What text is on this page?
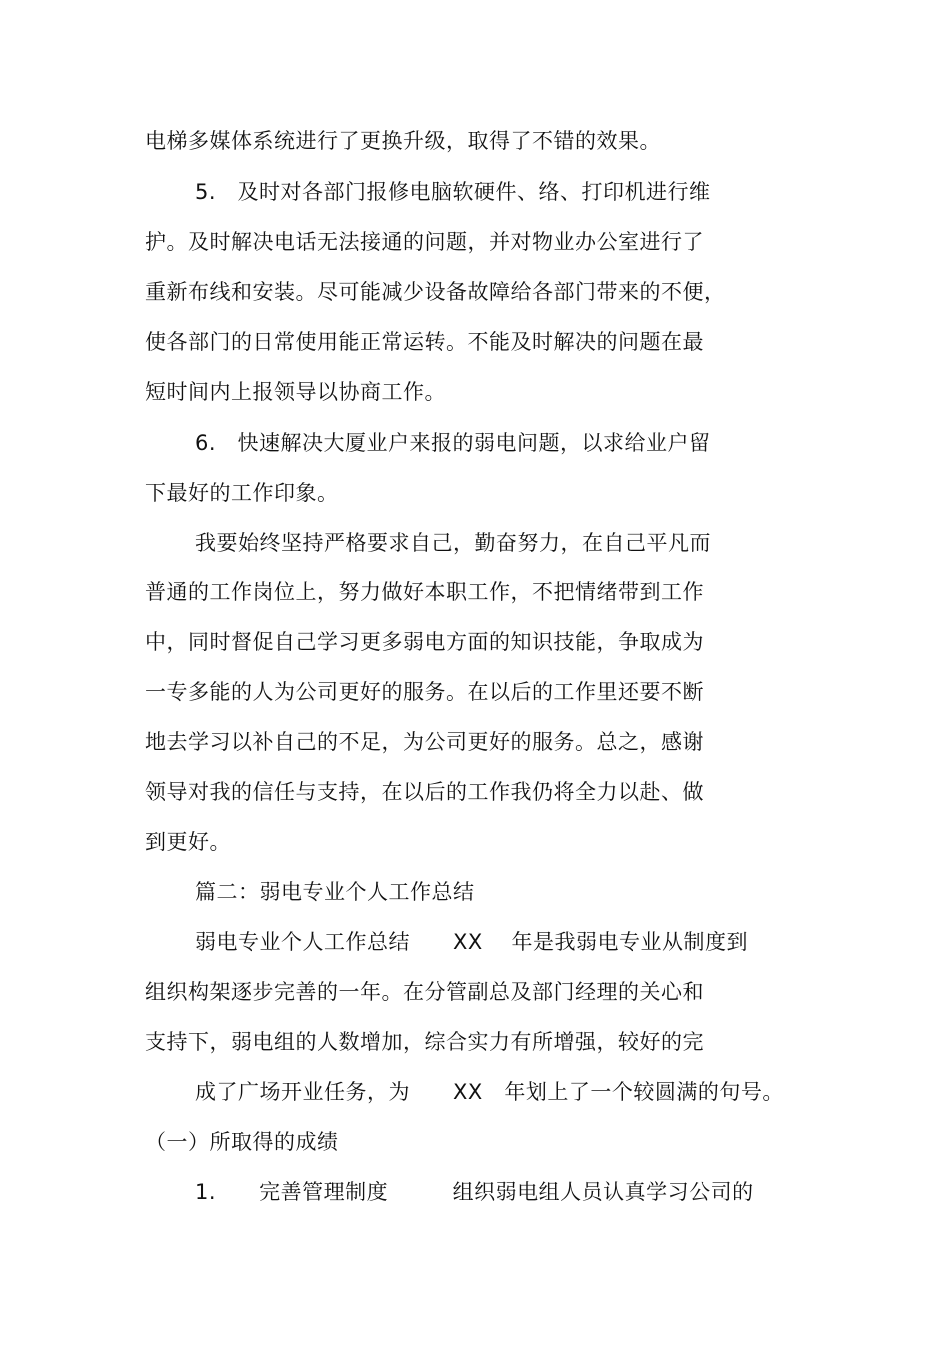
电梯多媒体系统进行了更换升级，取得了不错的效果。
5.   及时对各部门报修电脑软硬件、络、打印机进行维
护。及时解决电话无法接通的问题，并对物业办公室进行了
重新布线和安装。尽可能减少设备故障给各部门带来的不便，
使各部门的日常使用能正常运转。不能及时解决的问题在最
短时间内上报领导以协商工作。
6.   快速解决大厦业户来报的弱电问题，以求给业户留
下最好的工作印象。
我要始终坚持严格要求自己，勤奋努力，在自己平凡而
普通的工作岗位上，努力做好本职工作，不把情绪带到工作
中，同时督促自己学习更多弱电方面的知识技能，争取成为
一专多能的人为公司更好的服务。在以后的工作里还要不断
地去学习以补自己的不足，为公司更好的服务。总之，感谢
领导对我的信任与支持，在以后的工作我仍将全力以赴、做
到更好。
篇二：弱电专业个人工作总结
弱电专业个人工作总结      XX    年是我弱电专业从制度到
组织构架逐步完善的一年。在分管副总及部门经理的关心和
支持下，弱电组的人数增加，综合实力有所增强，较好的完
成了广场开业任务，为      XX   年划上了一个较圆满的句号。
（一）所取得的成绩
1.      完善管理制度         组织弱电组人员认真学习公司的
